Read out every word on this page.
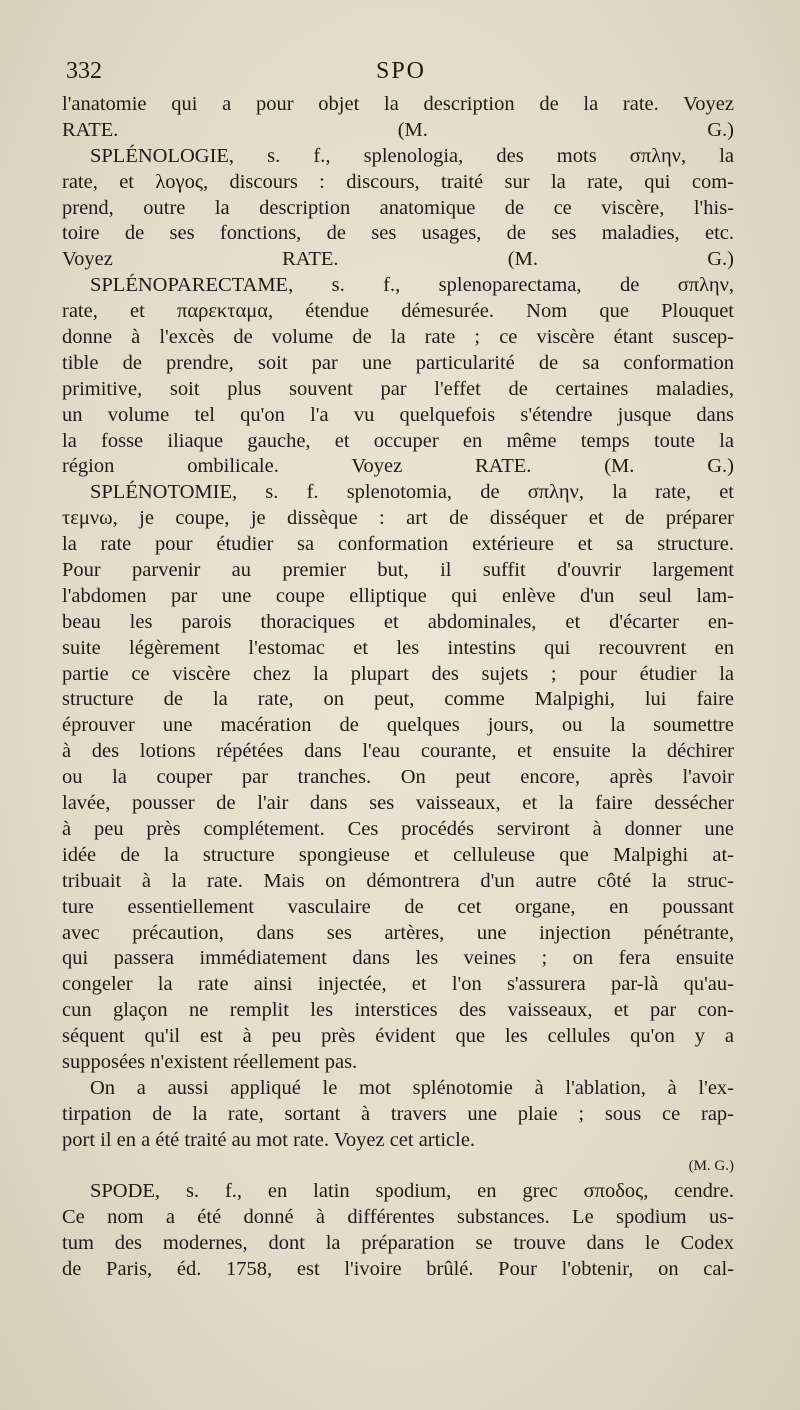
332	SPO
l'anatomie qui a pour objet la description de la rate. Voyez
RATE. (M. G.)
SPLÉNOLOGIE, s. f., splenologia, des mots σπλην, la
rate, et λογος, discours : discours, traité sur la rate, qui com-
prend, outre la description anatomique de ce viscère, l'his-
toire de ses fonctions, de ses usages, de ses maladies, etc.
Voyez RATE. (M. G.)
SPLÉNOPARECTAME, s. f., splenoparectama, de σπλην,
rate, et παρεκταμα, étendue démesurée. Nom que Plouquet
donne à l'excès de volume de la rate ; ce viscère étant suscep-
tible de prendre, soit par une particularité de sa conformation
primitive, soit plus souvent par l'effet de certaines maladies,
un volume tel qu'on l'a vu quelquefois s'étendre jusque dans
la fosse iliaque gauche, et occuper en même temps toute la
région ombilicale. Voyez RATE. (M. G.)
SPLÉNOTOMIE, s. f. splenotomia, de σπλην, la rate, et
τεμνω, je coupe, je dissèque : art de disséquer et de préparer
la rate pour étudier sa conformation extérieure et sa structure.
Pour parvenir au premier but, il suffit d'ouvrir largement
l'abdomen par une coupe elliptique qui enlève d'un seul lam-
beau les parois thoraciques et abdominales, et d'écarter en-
suite légèrement l'estomac et les intestins qui recouvrent en
partie ce viscère chez la plupart des sujets ; pour étudier la
structure de la rate, on peut, comme Malpighi, lui faire
éprouver une macération de quelques jours, ou la soumettre
à des lotions répétées dans l'eau courante, et ensuite la déchirer
ou la couper par tranches. On peut encore, après l'avoir
lavée, pousser de l'air dans ses vaisseaux, et la faire dessécher
à peu près complétement. Ces procédés serviront à donner une
idée de la structure spongieuse et celluleuse que Malpighi at-
tribuait à la rate. Mais on démontrera d'un autre côté la struc-
ture essentiellement vasculaire de cet organe, en poussant
avec précaution, dans ses artères, une injection pénétrante,
qui passera immédiatement dans les veines ; on fera ensuite
congeler la rate ainsi injectée, et l'on s'assurera par-là qu'au-
cun glaçon ne remplit les interstices des vaisseaux, et par con-
séquent qu'il est à peu près évident que les cellules qu'on y a
supposées n'existent réellement pas.
On a aussi appliqué le mot splénotomie à l'ablation, à l'ex-
tirpation de la rate, sortant à travers une plaie ; sous ce rap-
port il en a été traité au mot rate. Voyez cet article.
(M. G.)
SPODE, s. f., en latin spodium, en grec σποδος, cendre.
Ce nom a été donné à différentes substances. Le spodium us-
tum des modernes, dont la préparation se trouve dans le Codex
de Paris, éd. 1758, est l'ivoire brûlé. Pour l'obtenir, on cal-
